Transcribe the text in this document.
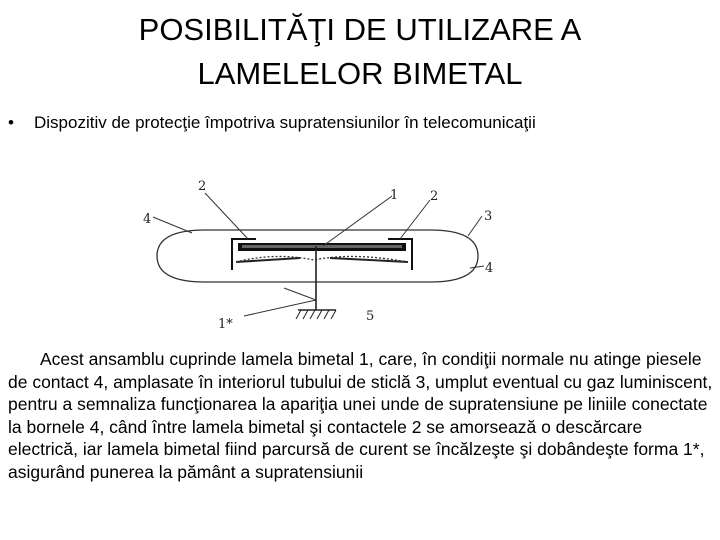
POSIBILITĂŢI DE UTILIZARE A
LAMELELOR BIMETAL
•	Dispozitiv de protecţie împotriva supratensiunilor în telecomunicaţii
2
1 2
4	3
4
1*
5

Acest ansamblu cuprinde lamela bimetal 1, care, în condiţii normale nu atinge piesele de contact 4, amplasate în interiorul tubului de sticlă 3, umplut eventual cu gaz luminiscent, pentru a semnaliza funcţionarea la apariţia unei unde de supratensiune pe liniile conectate la bornele 4, când între lamela bimetal şi contactele 2 se amorsează o descărcare electrică, iar lamela bimetal fiind parcursă de curent se încălzeşte şi dobândeşte forma 1*, asigurând punerea la pământ a supratensiunii
